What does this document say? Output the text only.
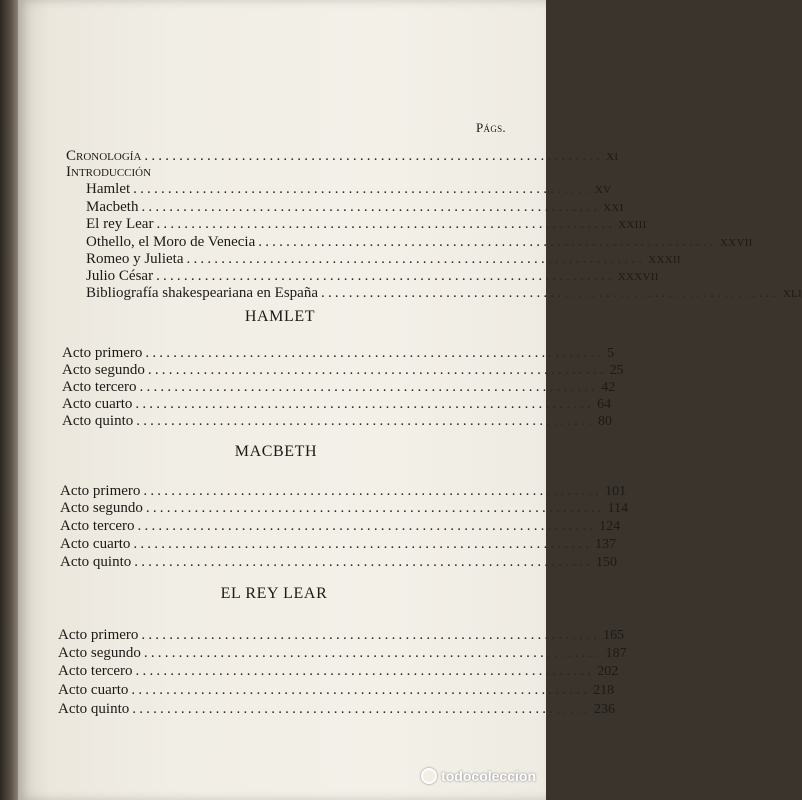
Págs.
Cronología .................................................................. XI
Introducción
Hamlet .................................................................. XV
Macbeth .................................................................. XXI
El rey Lear .................................................................. XXIII
Othello, el Moro de Venecia .................................................................. XXVII
Romeo y Julieta .................................................................. XXXII
Julio César .................................................................. XXXVII
Bibliografía shakespeariana en España .................................................................. XLI
HAMLET
Acto primero .................................................................. 5
Acto segundo .................................................................. 25
Acto tercero .................................................................. 42
Acto cuarto .................................................................. 64
Acto quinto .................................................................. 80
MACBETH
Acto primero .................................................................. 101
Acto segundo .................................................................. 114
Acto tercero .................................................................. 124
Acto cuarto .................................................................. 137
Acto quinto .................................................................. 150
EL REY LEAR
Acto primero .................................................................. 165
Acto segundo .................................................................. 187
Acto tercero .................................................................. 202
Acto cuarto .................................................................. 218
Acto quinto .................................................................. 236
todocoleccion
